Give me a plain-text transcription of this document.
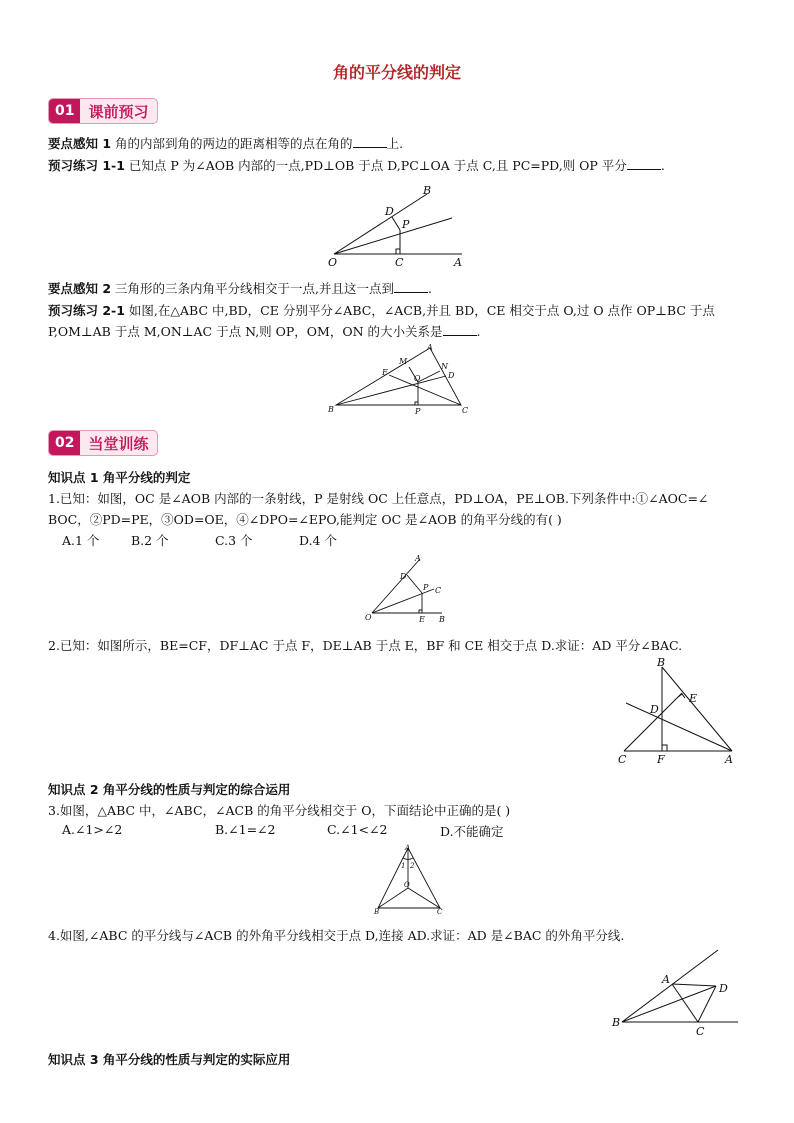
角的平分线的判定
01 课前预习
要点感知 1 角的内部到角的两边的距离相等的点在角的	上.
预习练习 1-1 已知点 P 为∠AOB 内部的一点,PD⊥OB 于点 D,PC⊥OA 于点 C,且 PC=PD,则 OP 平分	.
B
D
P
O	C	A
要点感知 2 三角形的三条内角平分线相交于一点,并且这一点到	.
预习练习 2-1 如图,在△ABC 中,BD，CE 分别平分∠ABC，∠ACB,并且 BD，CE 相交于点 O,过 O 点作 OP⊥BC 于点
P,OM⊥AB 于点 M,ON⊥AC 于点 N,则 OP，OM，ON 的大小关系是	.
A
M
N
E
O	D
B	P	C
02 当堂训练
知识点 1 角平分线的判定
1.已知：如图，OC 是∠AOB 内部的一条射线，P 是射线 OC 上任意点，PD⊥OA，PE⊥OB.下列条件中:①∠AOC=∠
BOC，②PD=PE，③OD=OE，④∠DPO=∠EPO,能判定 OC 是∠AOB 的角平分线的有( )
A.1 个	B.2 个	C.3 个	D.4 个
A
D
P C
O	E B
2.已知：如图所示，BE=CF，DF⊥AC 于点 F，DE⊥AB 于点 E，BF 和 CE 相交于点 D.求证：AD 平分∠BAC.
B
E
D
C	F	A
知识点 2 角平分线的性质与判定的综合运用
3.如图，△ABC 中，∠ABC，∠ACB 的角平分线相交于 O，下面结论中正确的是( )
A.∠1>∠2	B.∠1=∠2	C.∠1<∠2	D.不能确定
A
1 2
O
B	C
4.如图,∠ABC 的平分线与∠ACB 的外角平分线相交于点 D,连接 AD.求证：AD 是∠BAC 的外角平分线.
A
D
B
C
知识点 3 角平分线的性质与判定的实际应用
